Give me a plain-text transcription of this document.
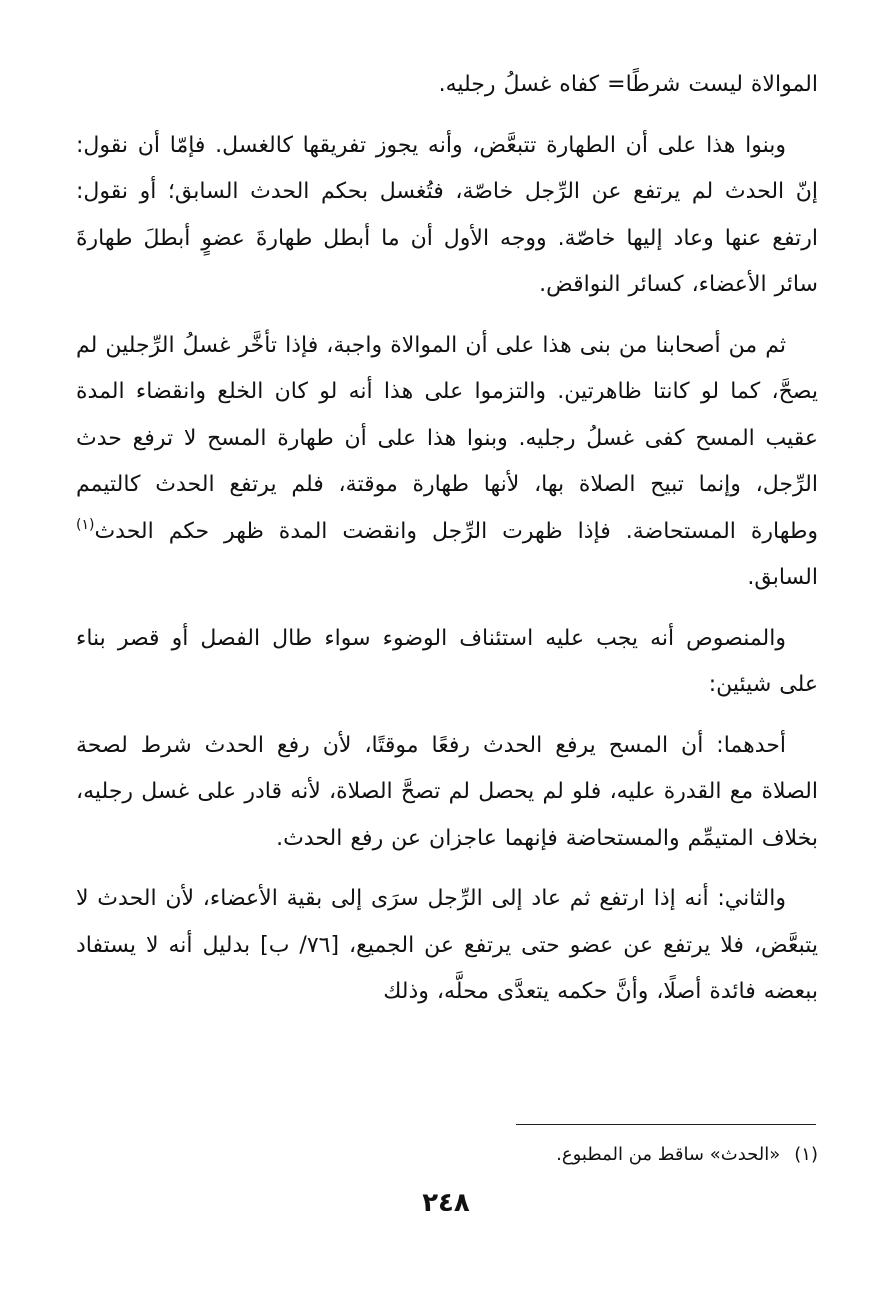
الموالاة ليست شرطًا= كفاه غسلُ رجليه.

وبنوا هذا على أن الطهارة تتبعَّض، وأنه يجوز تفريقها كالغسل. فإمّا أن نقول: إنّ الحدث لم يرتفع عن الرِّجل خاصّة، فتُغسل بحكم الحدث السابق؛ أو نقول: ارتفع عنها وعاد إليها خاصّة. ووجه الأول أن ما أبطل طهارةَ عضوٍ أبطلَ طهارةَ سائر الأعضاء، كسائر النواقض.

ثم من أصحابنا من بنى هذا على أن الموالاة واجبة، فإذا تأخَّر غسلُ الرِّجلين لم يصحَّ، كما لو كانتا ظاهرتين. والتزموا على هذا أنه لو كان الخلع وانقضاء المدة عقيب المسح كفى غسلُ رجليه. وبنوا هذا على أن طهارة المسح لا ترفع حدث الرِّجل، وإنما تبيح الصلاة بها، لأنها طهارة موقتة، فلم يرتفع الحدث كالتيمم وطهارة المستحاضة. فإذا ظهرت الرِّجل وانقضت المدة ظهر حكم الحدث$^{(١)}$ السابق.

والمنصوص أنه يجب عليه استئناف الوضوء سواء طال الفصل أو قصر بناء على شيئين:

أحدهما: أن المسح يرفع الحدث رفعًا موقتًا، لأن رفع الحدث شرط لصحة الصلاة مع القدرة عليه، فلو لم يحصل لم تصحَّ الصلاة، لأنه قادر على غسل رجليه، بخلاف المتيمِّم والمستحاضة فإنهما عاجزان عن رفع الحدث.

والثاني: أنه إذا ارتفع ثم عاد إلى الرِّجل سرَى إلى بقية الأعضاء، لأن الحدث لا يتبعَّض، فلا يرتفع عن عضو حتى يرتفع عن الجميع، [٧٦/ ب] بدليل أنه لا يستفاد ببعضه فائدة أصلًا، وأنَّ حكمه يتعدَّى محلَّه، وذلك

(١)«الحدث» ساقط من المطبوع.
٢٤٨
